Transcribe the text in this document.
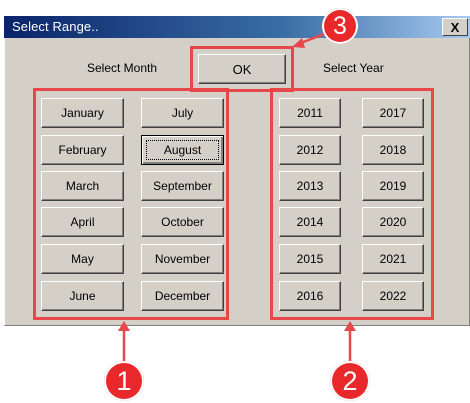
Select Range..	X
Select Month	Select Year
OK
January
February
March
April
May
June
July
August
September
October
November
December
2011
2012
2013
2014
2015
2016
2017
2018
2019
2020
2021
2022
1	2
3
